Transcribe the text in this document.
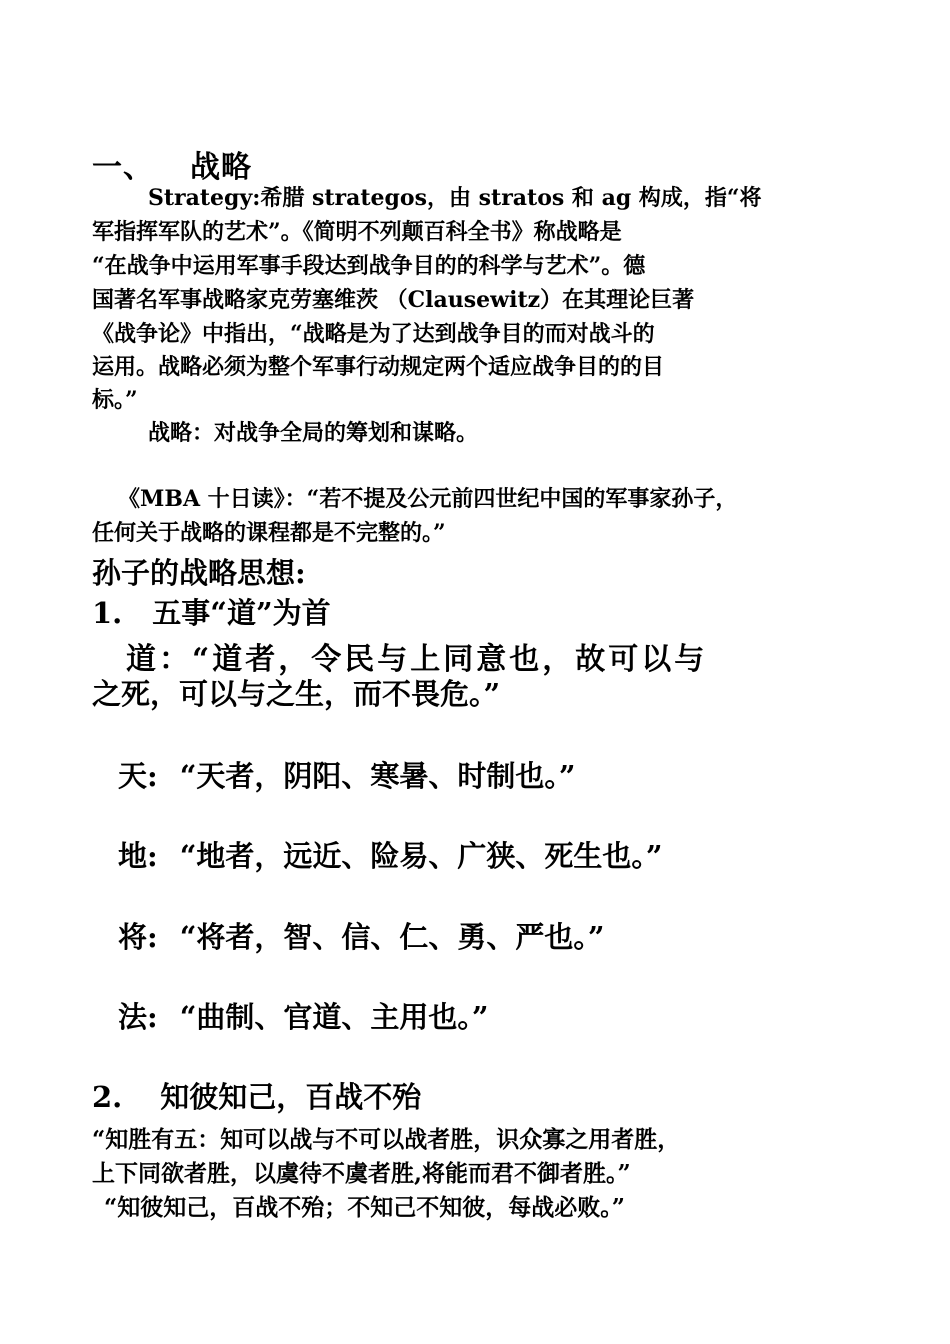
一、 战略
Strategy:希腊 strategos，由 stratos 和 ag 构成，指“将
军指挥军队的艺术”。《简明不列颠百科全书》称战略是
“在战争中运用军事手段达到战争目的的科学与艺术”。德
国著名军事战略家克劳塞维茨 （Clausewitz）在其理论巨著
《战争论》中指出，“战略是为了达到战争目的而对战斗的
运用。战略必须为整个军事行动规定两个适应战争目的的目
标。”
战略：对战争全局的筹划和谋略。
《MBA 十日读》：“若不提及公元前四世纪中国的军事家孙子，
任何关于战略的课程都是不完整的。”
孙子的战略思想:
1. 五事“道”为首
道：“道者，令民与上同意也，故可以与
之死，可以与之生，而不畏危。”
天: “天者，阴阳、寒暑、时制也。”
地: “地者，远近、险易、广狭、死生也。”
将: “将者，智、信、仁、勇、严也。”
法: “曲制、官道、主用也。”
2. 知彼知己，百战不殆
“知胜有五：知可以战与不可以战者胜，识众寡之用者胜，
上下同欲者胜，以虞待不虞者胜,将能而君不御者胜。”
“知彼知己，百战不殆；不知己不知彼，每战必败。”
